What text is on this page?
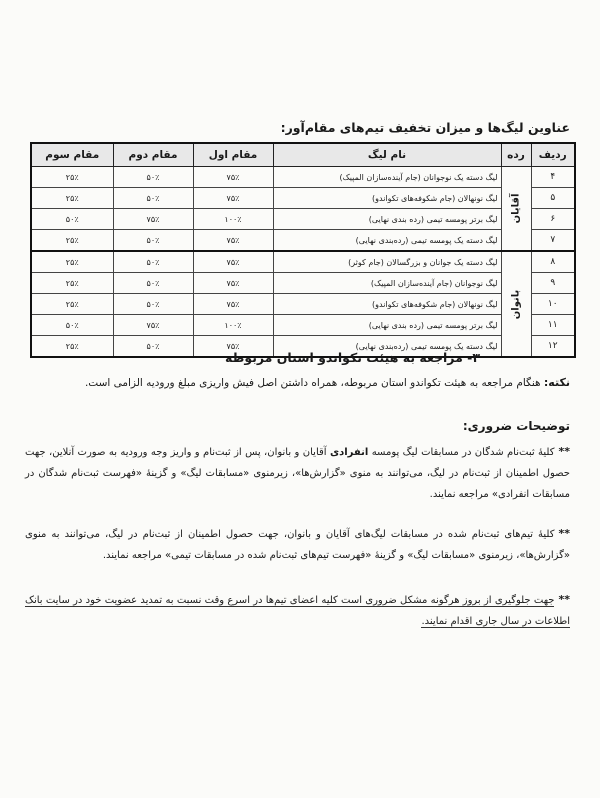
عناوین لیگ‌ها و میزان تخفیف تیم‌های مقام‌آور:
ردیف	رده	نام لیگ	مقام اول	مقام دوم	مقام سوم
۴	آقایان	لیگ دسته یک نوجوانان (جام آینده‌سازان المپیک)	۷۵٪	۵۰٪	۲۵٪
۵		لیگ نونهالان (جام شکوفه‌های تکواندو)	۷۵٪	۵۰٪	۲۵٪
۶		لیگ برتر پومسه تیمی (رده بندی نهایی)	۱۰۰٪	۷۵٪	۵۰٪
۷		لیگ دسته یک پومسه تیمی (رده‌بندی نهایی)	۷۵٪	۵۰٪	۲۵٪
۸	بانوان	لیگ دسته یک جوانان و بزرگسالان (جام کوثر)	۷۵٪	۵۰٪	۲۵٪
۹		لیگ نوجوانان (جام آینده‌سازان المپیک)	۷۵٪	۵۰٪	۲۵٪
۱۰		لیگ نونهالان (جام شکوفه‌های تکواندو)	۷۵٪	۵۰٪	۲۵٪
۱۱		لیگ برتر پومسه تیمی (رده بندی نهایی)	۱۰۰٪	۷۵٪	۵۰٪
۱۲		لیگ دسته یک پومسه تیمی (رده‌بندی نهایی)	۷۵٪	۵۰٪	۲۵٪
۳- مراجعه به هیئت تکواندو استان مربوطه
نکته: هنگام مراجعه به هیئت تکواندو استان مربوطه، همراه داشتن اصل فیش واریزی مبلغ ورودیه الزامی است.
توضیحات ضروری:
**کلیهٔ ثبت‌نام شدگان در مسابقات لیگ پومسه انفرادی آقایان و بانوان، پس از ثبت‌نام و واریز وجه ورودیه به صورت آنلاین، جهت حصول اطمینان از ثبت‌نام در لیگ، می‌توانند به منوی «گزارش‌ها»، زیرمنوی «مسابقات لیگ» و گزینهٔ «فهرست ثبت‌نام شدگان در مسابقات انفرادی» مراجعه نمایند.
**کلیهٔ تیم‌های ثبت‌نام شده در مسابقات لیگ‌های آقایان و بانوان، جهت حصول اطمینان از ثبت‌نام در لیگ، می‌توانند به منوی «گزارش‌ها»، زیرمنوی «مسابقات لیگ» و گزینهٔ «فهرست تیم‌های ثبت‌نام شده در مسابقات تیمی» مراجعه نمایند.
**جهت جلوگیری از بروز هرگونه مشکل ضروری است کلیه اعضای تیم‌ها در اسرع وقت نسبت به تمدید عضویت خود در سایت بانک اطلاعات در سال جاری اقدام نمایند.
